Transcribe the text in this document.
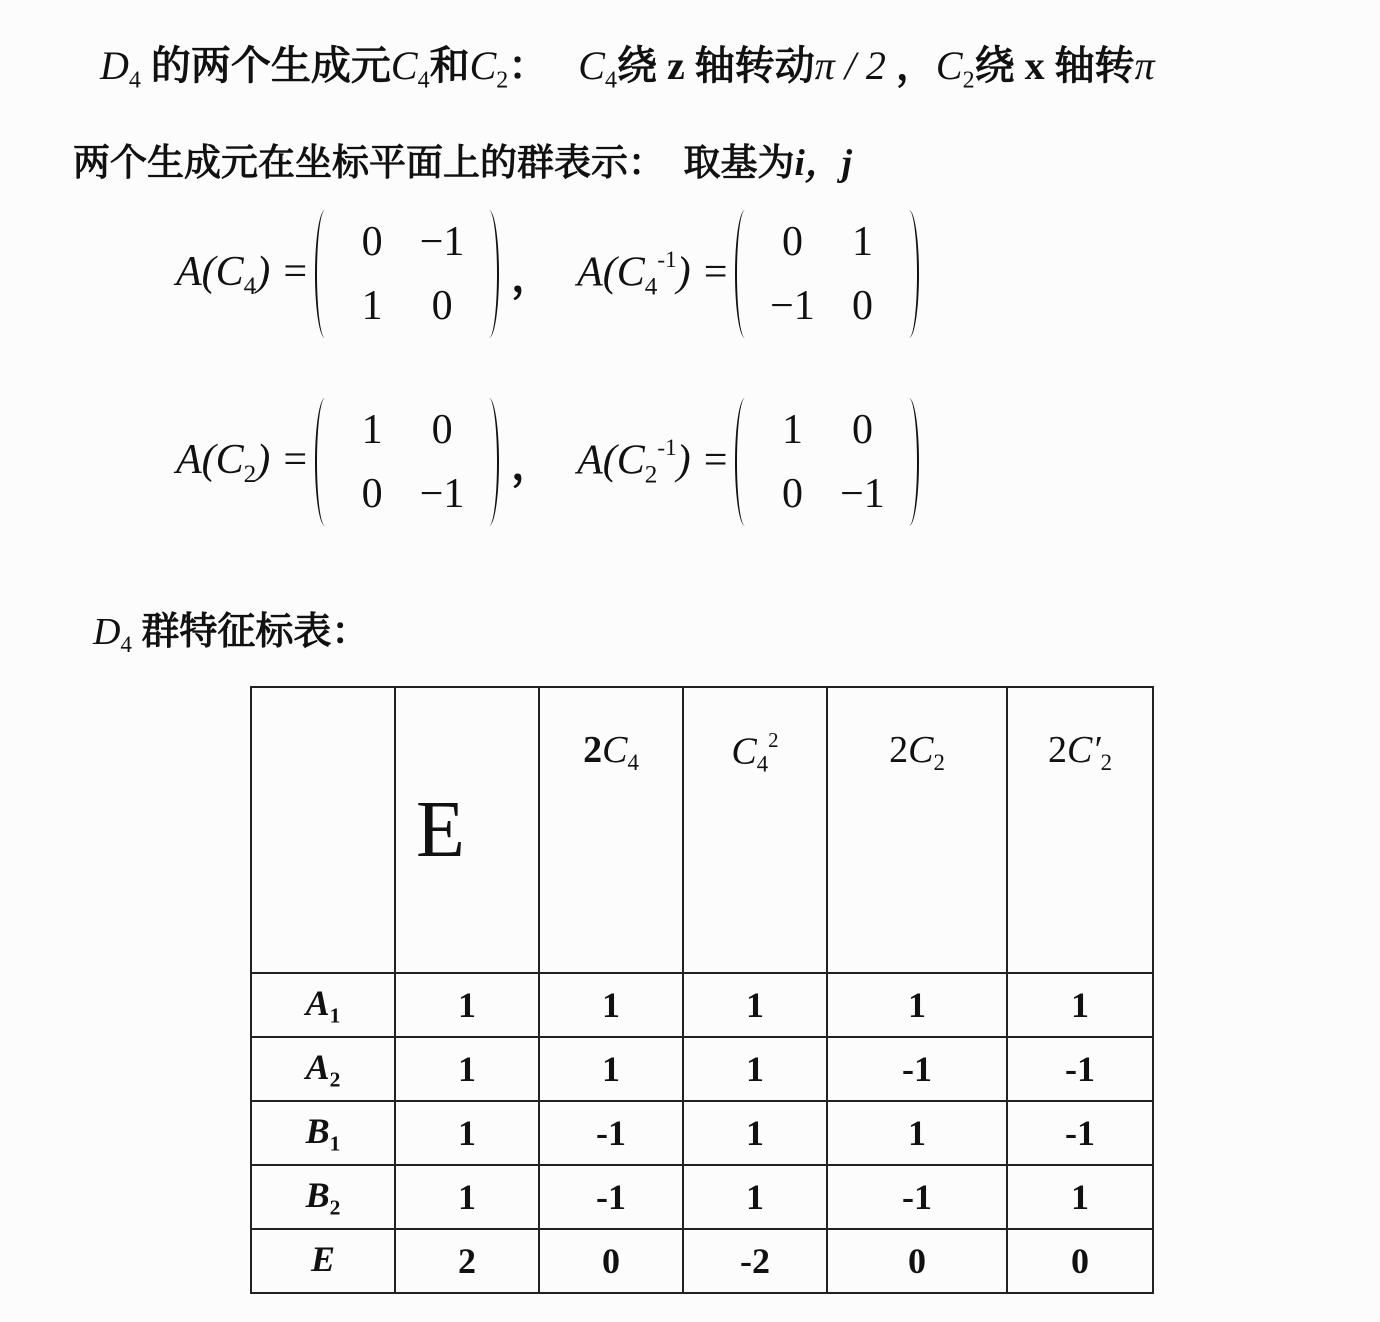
$D_4$ 的两个生成元$C_4$和$C_2$： $C_4$绕 z 轴转动π / 2 ，$C_2$绕 x 轴转π
两个生成元在坐标平面上的群表示： 取基为i，j
$A(C_4)$ =
0 −1
1	0
， $A(C_4^{-1})$ =
0	1
−1 0
$A(C_2)$ =
1	0
0 −1
， $A(C_2^{-1})$ =
1	0
0 −1
$D_4$ 群特征标表：
	E	$2C_4$	$C_4^2$	$2C_2$	$2C'_2$

$A_1$	1	1	1	1	1
$A_2$	1	1	1	-1	-1
$B_1$	1	-1	1	1	-1
$B_2$	1	-1	1	-1	1
E	2	0	-2	0	0
